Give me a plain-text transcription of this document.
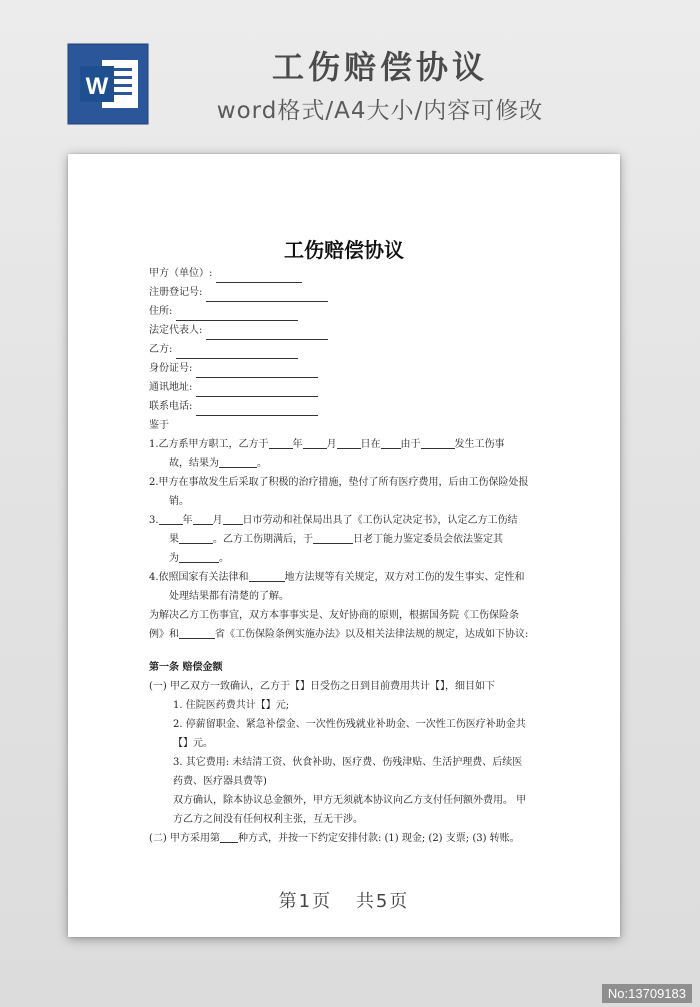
W
工伤赔偿协议
word格式/A4大小/内容可修改
工伤赔偿协议
甲方（单位）:
注册登记号:
住所:
法定代表人:
乙方:
身份证号:
通讯地址:
联系电话:

鉴于

1.乙方系甲方职工，乙方于 年 月 日在 由于	发生工伤事

故，结果为	。

2.甲方在事故发生后采取了积极的治疗措施，垫付了所有医疗费用，后由工伤保险处报

销。

3. 年 月 日市劳动和社保局出具了《工伤认定决定书》，认定乙方工伤结

果	。乙方工伤期满后，于	日老丁能力鉴定委员会依法鉴定其

为	。

4.依照国家有关法律和	地方法规等有关规定，双方对工伤的发生事实、定性和

处理结果都有清楚的了解。

为解决乙方工伤事宜，双方本事事实是、友好协商的原则，根据国务院《工伤保险条

例》和	省《工伤保险条例实施办法》以及相关法律法规的规定，达成如下协议:

第一条 赔偿金额

(一) 甲乙双方一致确认，乙方于【】日受伤之日到目前费用共计【】，细目如下

1. 住院医药费共计【】元;

2. 停薪留职金、紧急补偿金、一次性伤残就业补助金、一次性工伤医疗补助金共

【】元。

3. 其它费用: 未结清工资、伙食补助、医疗费、伤残津贴、生活护理费、后续医

药费、医疗器具费等)

双方确认，除本协议总金额外，甲方无须就本协议向乙方支付任何额外费用。 甲

方乙方之间没有任何权利主张，互无干涉。

(二) 甲方采用第 种方式，并按一下约定安排付款: (1) 现金; (2) 支票; (3) 转账。

第1页 共5页
No:13709183
